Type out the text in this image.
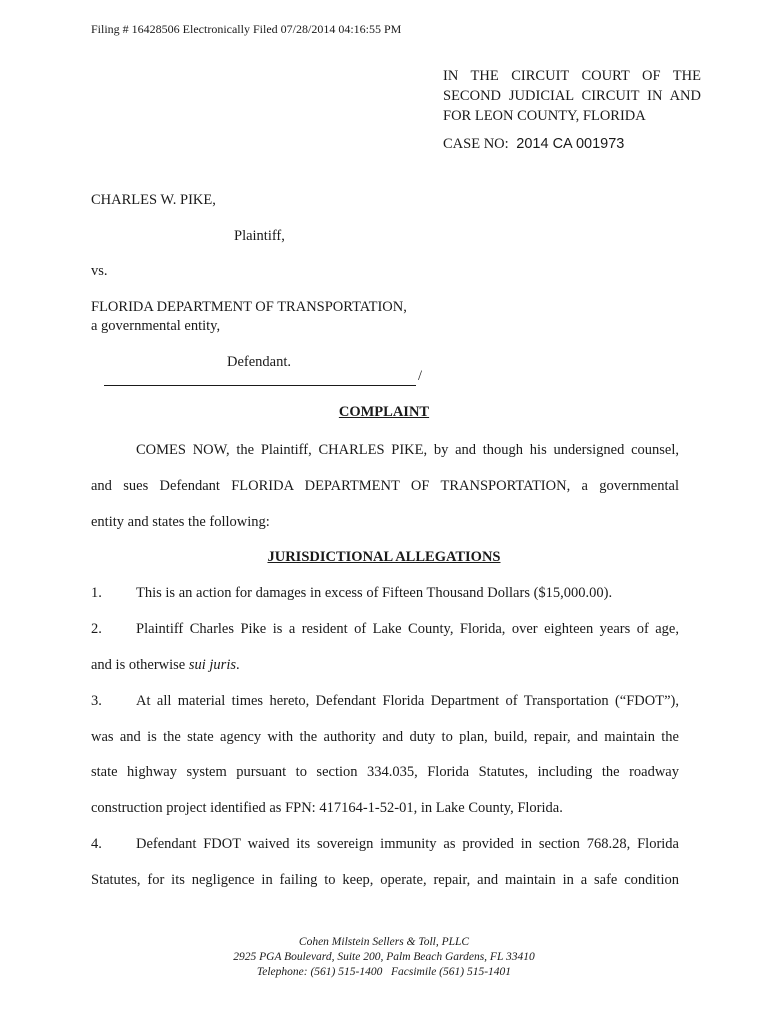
Filing # 16428506 Electronically Filed 07/28/2014 04:16:55 PM
IN THE CIRCUIT COURT OF THE
SECOND JUDICIAL CIRCUIT IN AND
FOR LEON COUNTY, FLORIDA
CASE NO: 2014 CA 001973
CHARLES W. PIKE,
Plaintiff,
vs.
FLORIDA DEPARTMENT OF TRANSPORTATION,
a governmental entity,
Defendant.
/
COMPLAINT
COMES NOW, the Plaintiff, CHARLES PIKE, by and though his undersigned counsel,
and sues Defendant FLORIDA DEPARTMENT OF TRANSPORTATION, a governmental
entity and states the following:
JURISDICTIONAL ALLEGATIONS
1. This is an action for damages in excess of Fifteen Thousand Dollars ($15,000.00).
2. Plaintiff Charles Pike is a resident of Lake County, Florida, over eighteen years of age,
and is otherwise sui juris.
3. At all material times hereto, Defendant Florida Department of Transportation (“FDOT”),
was and is the state agency with the authority and duty to plan, build, repair, and maintain the
state highway system pursuant to section 334.035, Florida Statutes, including the roadway
construction project identified as FPN: 417164-1-52-01, in Lake County, Florida.
4. Defendant FDOT waived its sovereign immunity as provided in section 768.28, Florida
Statutes, for its negligence in failing to keep, operate, repair, and maintain in a safe condition
Cohen Milstein Sellers & Toll, PLLC
2925 PGA Boulevard, Suite 200, Palm Beach Gardens, FL 33410
Telephone: (561) 515-1400   Facsimile (561) 515-1401
